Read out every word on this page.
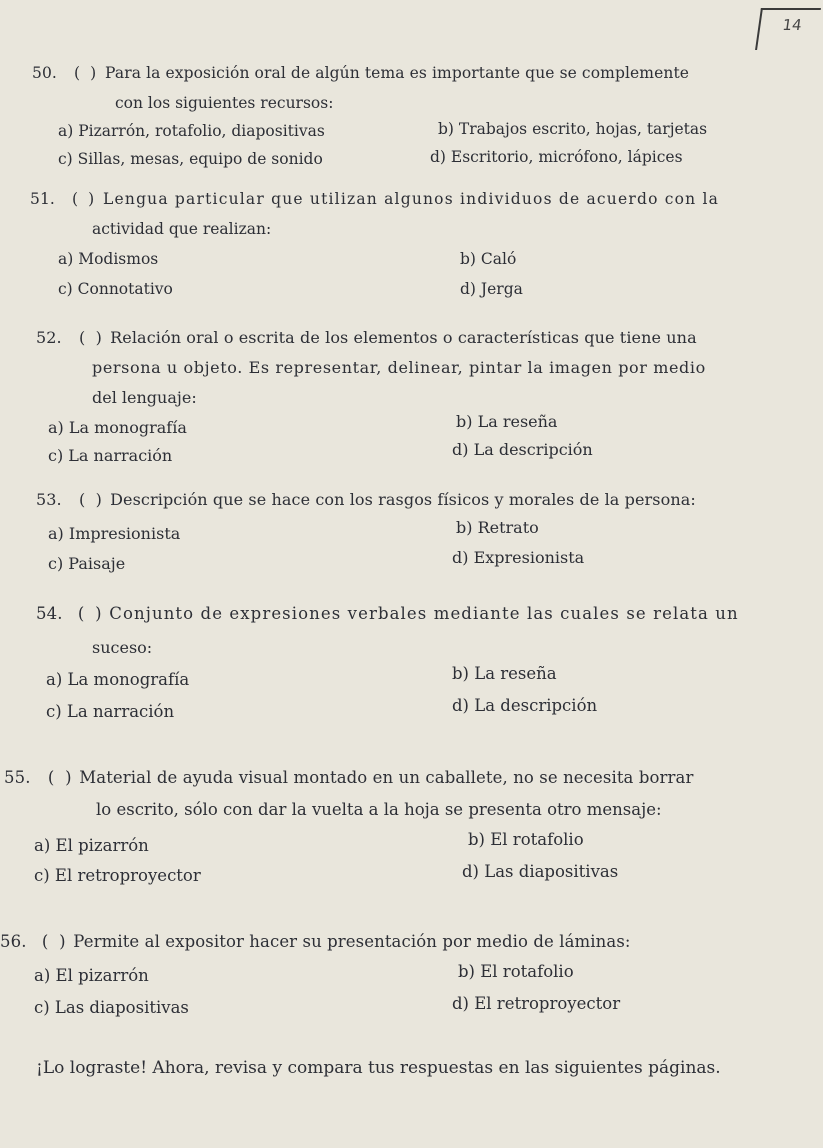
14
50. (  ) Para la exposición oral de algún tema es importante que se complemente
con los siguientes recursos:
a) Pizarrón, rotafolio, diapositivas	b) Trabajos escrito, hojas, tarjetas
c) Sillas, mesas, equipo de sonido	d) Escritorio, micrófono, lápices
51. (  ) Lengua particular que utilizan algunos individuos de acuerdo con la
actividad que realizan:
a) Modismos	b) Caló
c) Connotativo	d) Jerga
52. (  ) Relación oral o escrita de los elementos o características que tiene una
persona u objeto. Es representar, delinear, pintar la imagen por medio
del lenguaje:
a) La monografía	b) La reseña
c) La narración	d) La descripción
53. (  ) Descripción que se hace con los rasgos físicos y morales de la persona:
a) Impresionista	b) Retrato
c) Paisaje	d) Expresionista
54. (  ) Conjunto de expresiones verbales mediante las cuales se relata un
suceso:
a) La monografía	b) La reseña
c) La narración	d) La descripción
55. (  ) Material de ayuda visual montado en un caballete, no se necesita borrar
lo escrito, sólo con dar la vuelta a la hoja se presenta otro mensaje:
a) El pizarrón	b) El rotafolio
c) El retroproyector	d) Las diapositivas
56. (  ) Permite al expositor hacer su presentación por medio de láminas:
a) El pizarrón	b) El rotafolio
c) Las diapositivas	d) El retroproyector
¡Lo lograste! Ahora, revisa y compara tus respuestas en las siguientes páginas.
